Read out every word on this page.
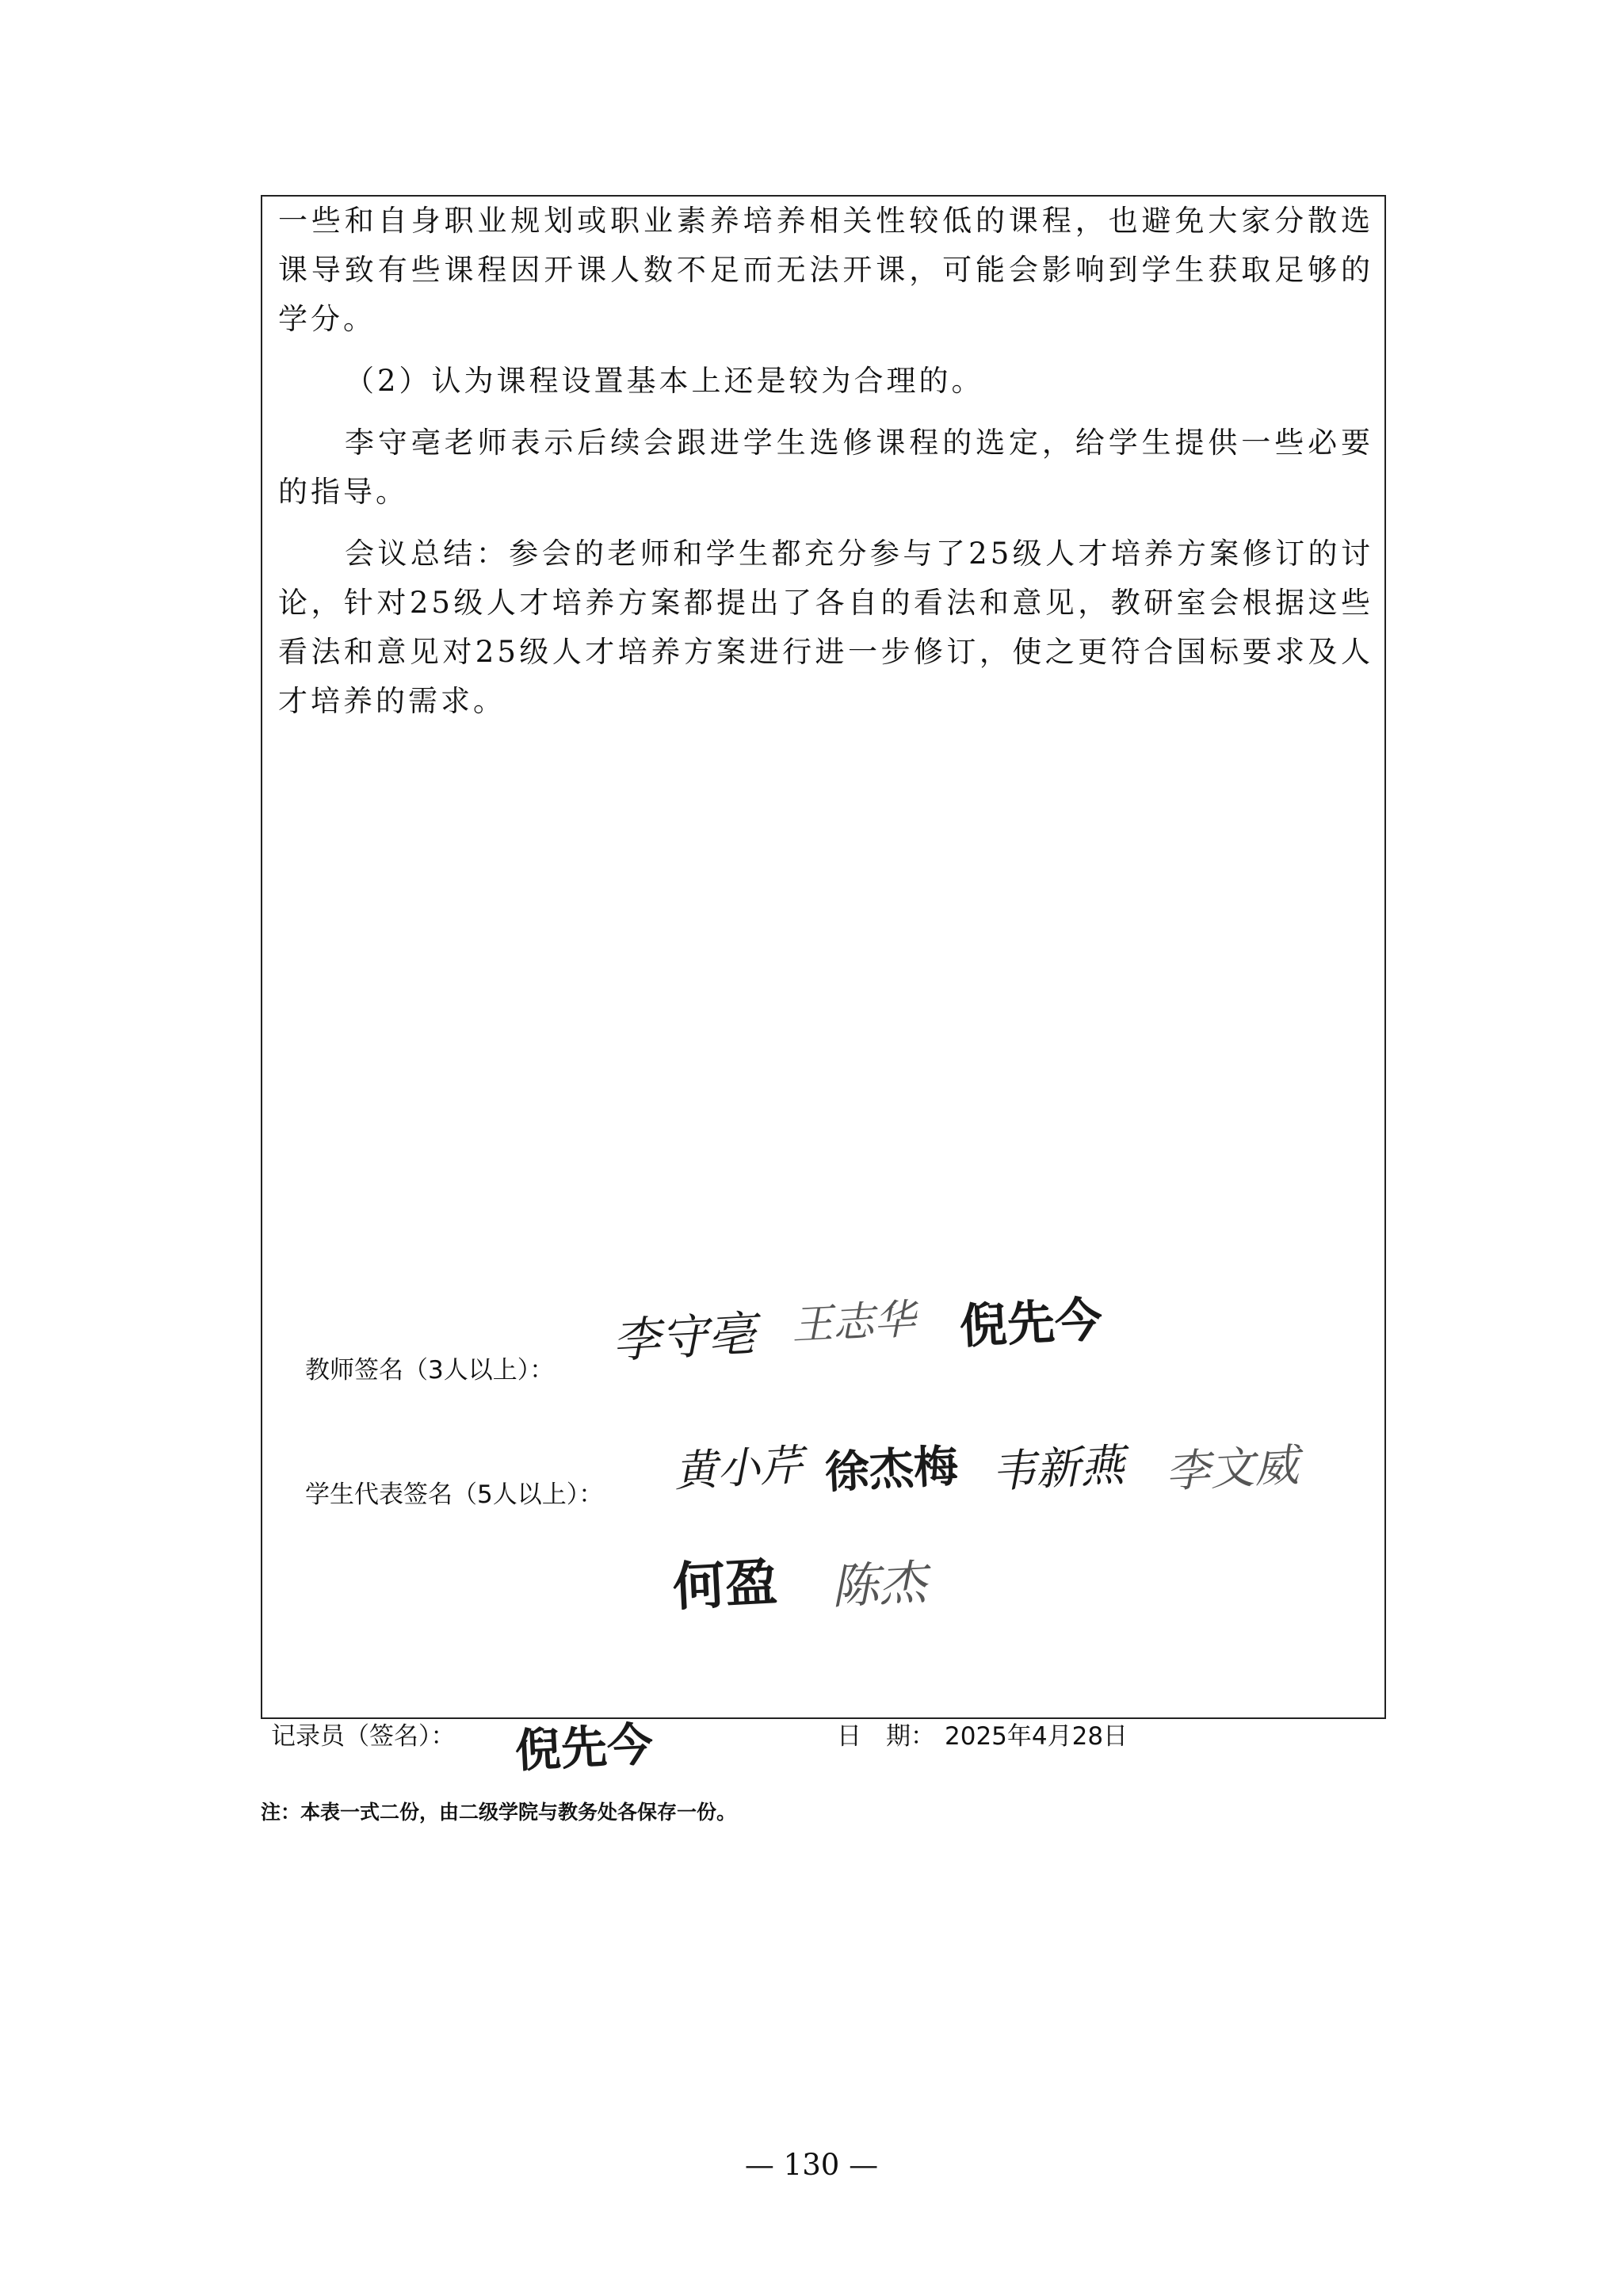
一些和自身职业规划或职业素养培养相关性较低的课程，也避免大家分散选课导致有些课程因开课人数不足而无法开课，可能会影响到学生获取足够的学分。

（2）认为课程设置基本上还是较为合理的。

李守亳老师表示后续会跟进学生选修课程的选定，给学生提供一些必要的指导。

会议总结：参会的老师和学生都充分参与了25级人才培养方案修订的讨论，针对25级人才培养方案都提出了各自的看法和意见，教研室会根据这些看法和意见对25级人才培养方案进行进一步修订，使之更符合国标要求及人才培养的需求。

教师签名（3人以上）：
李守亳 王志华 倪先今
学生代表签名（5人以上）： 黄小芹 徐杰梅 韦新燕 李文威
何盈 陈杰
记录员（签名）： 倪先今	日　期： 2025年4月28日
注：本表一式二份，由二级学院与教务处各保存一份。
— 130 —
